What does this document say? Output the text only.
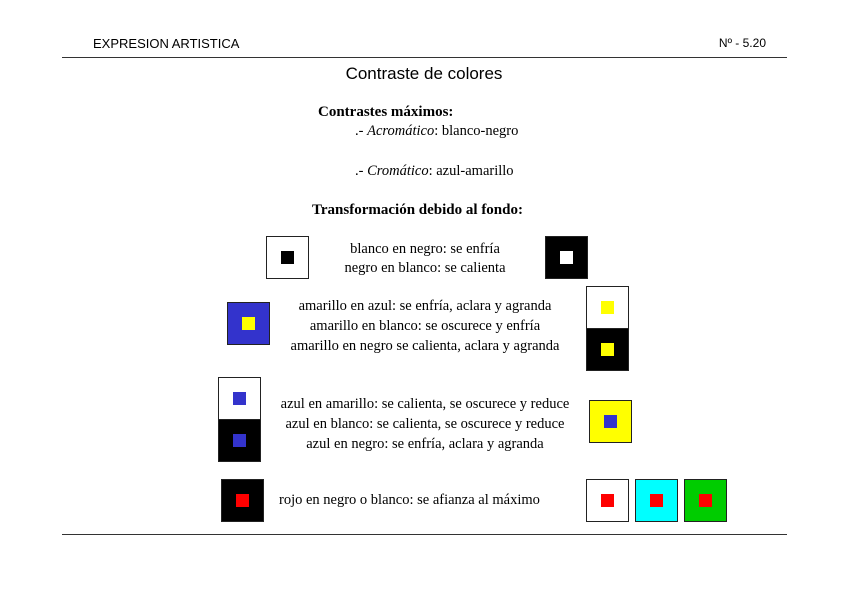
EXPRESION ARTISTICA	Nº - 5.20
Contraste de colores
Contrastes máximos:
.- Acromático: blanco-negro
.- Cromático: azul-amarillo
Transformación debido al fondo:
blanco en negro: se enfría
negro en blanco: se calienta
amarillo en azul: se enfría, aclara y agranda
amarillo en blanco: se oscurece y enfría
amarillo en negro se calienta, aclara y agranda
azul en amarillo: se calienta, se oscurece y reduce
azul en blanco: se calienta, se oscurece y reduce
azul en negro: se enfría, aclara y agranda
rojo en negro o blanco: se afianza al máximo
